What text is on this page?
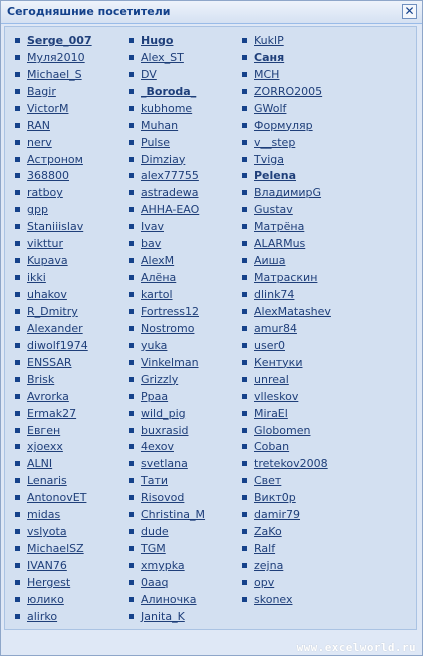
Сегодняшние посетители	✕
Serge_007
Муля2010
Michael_S
Bagir
VictorM
RAN
nerv
Астроном
368800
ratboy
gpp
Staniiislav
vikttur
Kupava
ikki
uhakov
R_Dmitry
Alexander
diwolf1974
ENSSAR
Brisk
Avrorka
Ermak27
Евген
xjoexx
ALNI
Lenaris
AntonovET
midas
vslyota
MichaelSZ
IVAN76
Hergest
юлико
alirko
Hugo
Alex_ST
DV
_Boroda_
kubhome
Muhan
Pulse
Dimziay
alex77755
astradewa
AHHA-EAO
Ivav
bav
AlexM
Алёна
kartol
Fortress12
Nostromo
yuka
Vinkelman
Grizzly
Ppaa
wild_pig
buxrasid
4exov
svetlana
Тати
Risovod
Christina_M
dude
TGM
xmypka
0aaq
Алиночка
Janita_K
KuklP
Саня
MCH
ZORRO2005
GWolf
Формуляр
v__step
Tviga
Pelena
ВладимирG
Gustav
Матрёна
ALARMus
Аиша
Матраскин
dlink74
AlexMatashev
amur84
user0
Кентуки
unreal
vlleskov
MiraEl
Globomen
Coban
tretekov2008
Свет
Викт0р
damir79
ZaKo
Ralf
zejna
opv
skonex
www.excelworld.ru
